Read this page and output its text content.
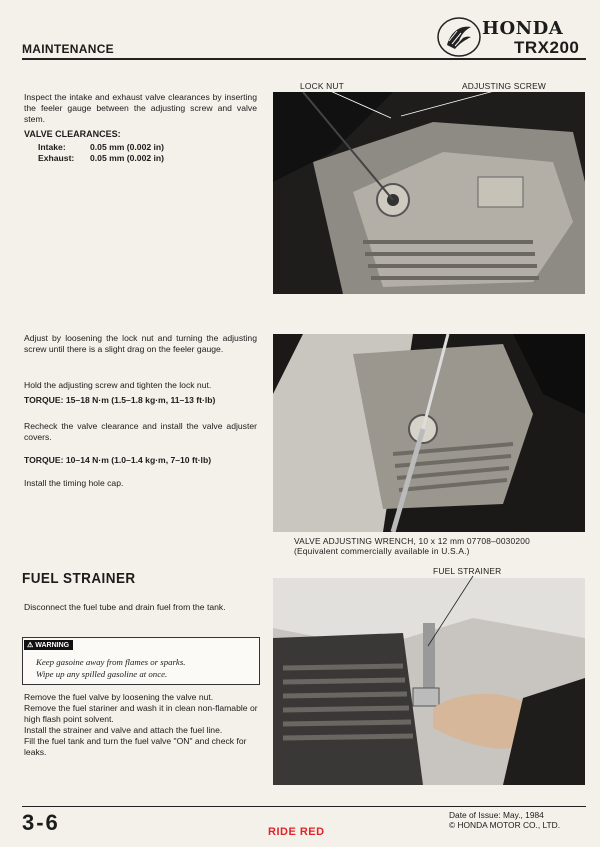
MAINTENANCE
HONDA
TRX200
Inspect the intake and exhaust valve clearances by inserting the feeler gauge between the adjusting screw and valve stem.
VALVE CLEARANCES:
Intake:	0.05 mm (0.002 in)
Exhaust: 0.05 mm (0.002 in)
LOCK NUT	ADJUSTING SCREW
Adjust by loosening the lock nut and turning the adjusting screw until there is a slight drag on the feeler gauge.
Hold the adjusting screw and tighten the lock nut.
TORQUE: 15–18 N·m (1.5–1.8 kg·m, 11–13 ft·lb)
Recheck the valve clearance and install the valve adjuster covers.
TORQUE: 10–14 N·m (1.0–1.4 kg·m, 7–10 ft·lb)
Install the timing hole cap.
VALVE ADJUSTING WRENCH, 10 x 12 mm 07708–0030200
(Equivalent commercially available in U.S.A.)
FUEL STRAINER
Disconnect the fuel tube and drain fuel from the tank.
⚠ WARNING
Keep gasoine away from flames or sparks.
Wipe up any spilled gasoline at once.
Remove the fuel valve by loosening the valve nut.
Remove the fuel stariner and wash it in clean non-flamable or high flash point solvent.
Install the strainer and valve and attach the fuel line.
Fill the fuel tank and turn the fuel valve "ON" and check for leaks.
FUEL STRAINER
3-6	Date of Issue: May., 1984
© HONDA MOTOR CO., LTD.
RIDE RED
